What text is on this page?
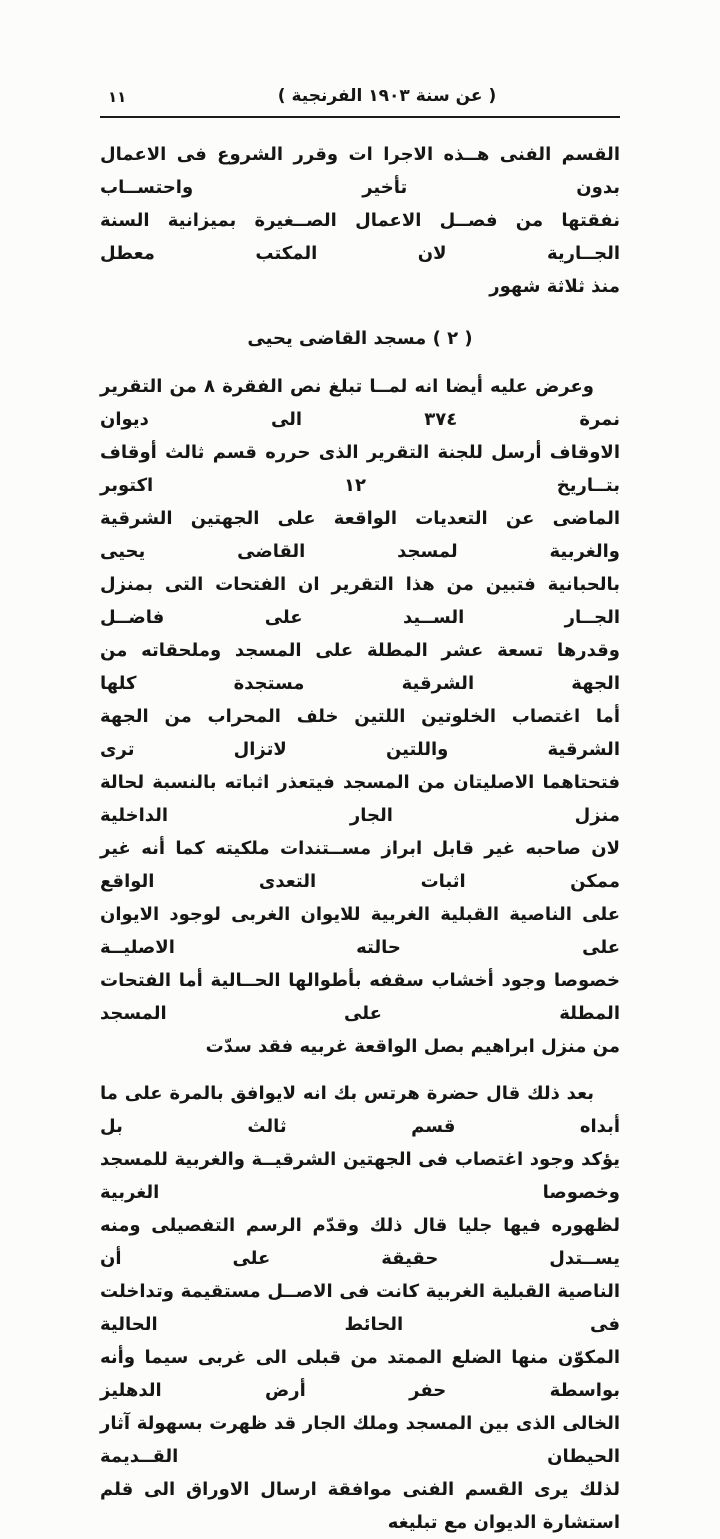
١١	( عن سنة ١٩٠٣ الفرنجية )
القسم الفنى هــذه الاجرا ات وقرر الشروع فى الاعمال بدون تأخير واحتســاب
نفقتها من فصــل الاعمال الصــغيرة بميزانية السنة الجــارية لان المكتب معطل
منذ ثلاثة شهور
( ٢ ) مسجد القاضى يحيى
وعرض عليه أيضا انه لمــا تبلغ نص الفقرة ٨ من التقرير نمرة ٣٧٤ الى ديوان
الاوقاف أرسل للجنة التقرير الذى حرره قسم ثالث أوقاف بتــاريخ ١٢ اكتوبر
الماضى عن التعديات الواقعة على الجهتين الشرقية والغربية لمسجد القاضى يحيى
بالحبانية فتبين من هذا التقرير ان الفتحات التى بمنزل الجــار الســيد على فاضــل
وقدرها تسعة عشر المطلة على المسجد وملحقاته من الجهة الشرقية مستجدة كلها
أما اغتصاب الخلوتين اللتين خلف المحراب من الجهة الشرقية واللتين لاتزال ترى
فتحتاهما الاصليتان من المسجد فيتعذر اثباته بالنسبة لحالة منزل الجار الداخلية
لان صاحبه غير قابل ابراز مســتندات ملكيته كما أنه غير ممكن اثبات التعدى الواقع
على الناصية القبلية الغربية للايوان الغربى لوجود الايوان على حالته الاصليــة
خصوصا وجود أخشاب سقفه بأطوالها الحــالية أما الفتحات المطلة على المسجد
من منزل ابراهيم بصل الواقعة غربيه فقد سدّت
بعد ذلك قال حضرة هرتس بك انه لايوافق بالمرة على ما أبداه قسم ثالث بل
يؤكد وجود اغتصاب فى الجهتين الشرقيــة والغربية للمسجد وخصوصا الغربية
لظهوره فيها جليا قال ذلك وقدّم الرسم التفصيلى ومنه يســتدل حقيقة على أن
الناصية القبلية الغربية كانت فى الاصــل مستقيمة وتداخلت فى الحائط الحالية
المكوّن منها الضلع الممتد من قبلى الى غربى سيما وأنه بواسطة حفر أرض الدهليز
الخالى الذى بين المسجد وملك الجار قد ظهرت بسهولة آثار الحيطان القــديمة
لذلك يرى القسم الفنى موافقة ارسال الاوراق الى قلم استشارة الديوان مع تبليغه
